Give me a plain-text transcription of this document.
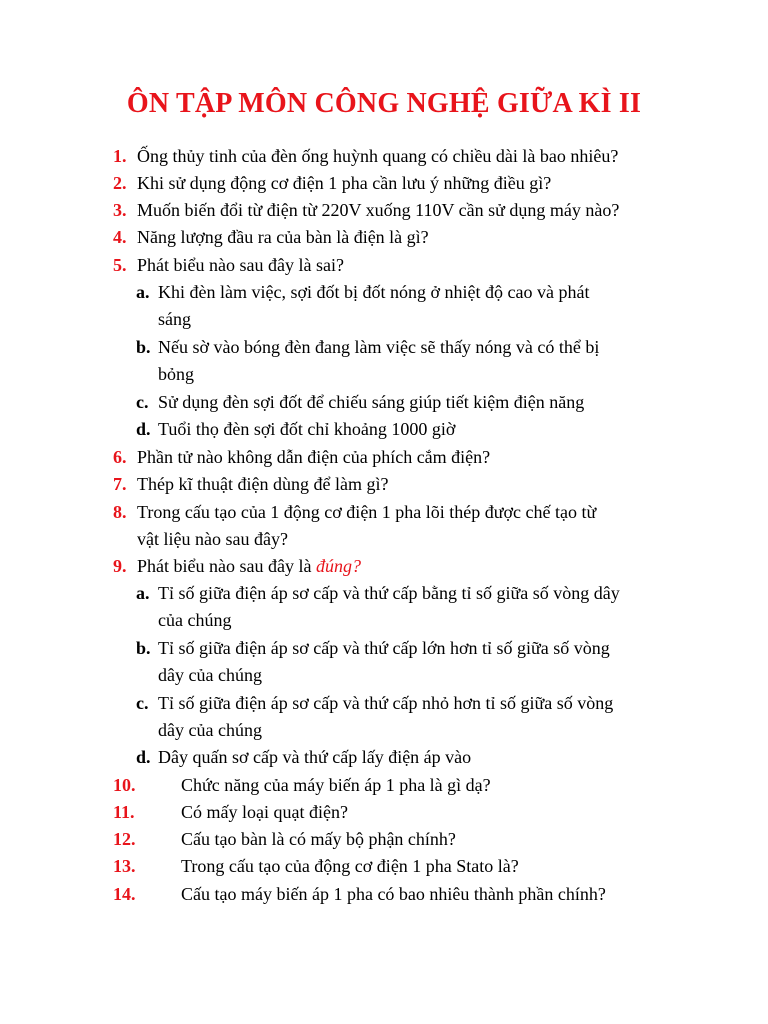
ÔN TẬP MÔN CÔNG NGHỆ GIỮA KÌ II
1. Ống thủy tinh của đèn ống huỳnh quang có chiều dài là bao nhiêu?
2. Khi sử dụng động cơ điện 1 pha cần lưu ý những điều gì?
3. Muốn biến đổi từ điện từ 220V xuống 110V cần sử dụng máy nào?
4. Năng lượng đầu ra của bàn là điện là gì?
5. Phát biểu nào sau đây là sai?
a. Khi đèn làm việc, sợi đốt bị đốt nóng ở nhiệt độ cao và phát
sáng
b. Nếu sờ vào bóng đèn đang làm việc sẽ thấy nóng và có thể bị
bỏng
c. Sử dụng đèn sợi đốt để chiếu sáng giúp tiết kiệm điện năng
d. Tuổi thọ đèn sợi đốt chỉ khoảng 1000 giờ
6. Phần tử nào không dẫn điện của phích cắm điện?
7. Thép kĩ thuật điện dùng để làm gì?
8. Trong cấu tạo của 1 động cơ điện 1 pha lõi thép được chế tạo từ
vật liệu nào sau đây?
9. Phát biểu nào sau đây là đúng?
a. Tỉ số giữa điện áp sơ cấp và thứ cấp bằng tỉ số giữa số vòng dây
của chúng
b. Tỉ số giữa điện áp sơ cấp và thứ cấp lớn hơn tỉ số giữa số vòng
dây của chúng
c. Tỉ số giữa điện áp sơ cấp và thứ cấp nhỏ hơn tỉ số giữa số vòng
dây của chúng
d. Dây quấn sơ cấp và thứ cấp lấy điện áp vào
10.	Chức năng của máy biến áp 1 pha là gì dạ?
11.	Có mấy loại quạt điện?
12.	Cấu tạo bàn là có mấy bộ phận chính?
13.	Trong cấu tạo của động cơ điện 1 pha Stato là?
14.	Cấu tạo máy biến áp 1 pha có bao nhiêu thành phần chính?
